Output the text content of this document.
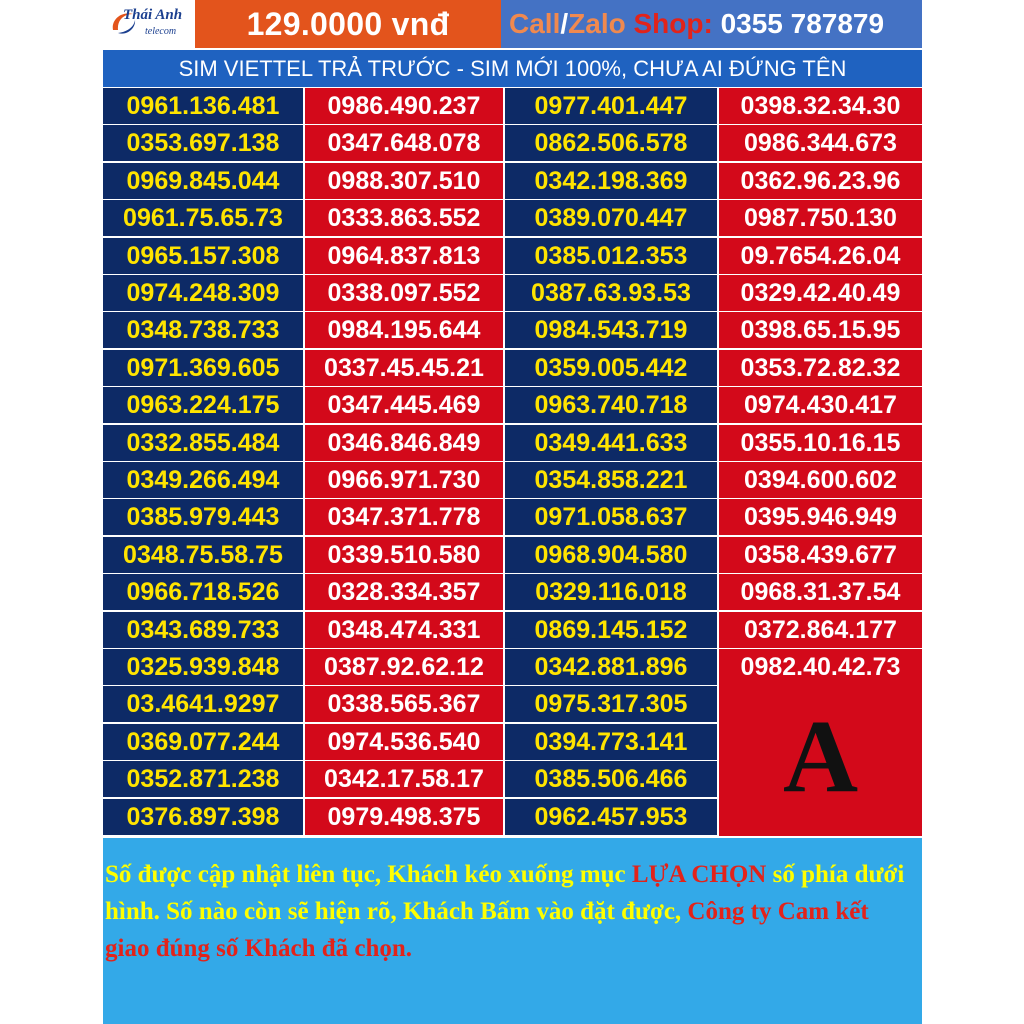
Thái Anh
telecom	129.0000 vnđ	Call/Zalo Shop: 0355 787879
SIM VIETTEL TRẢ TRƯỚC - SIM MỚI 100%, CHƯA AI ĐỨNG TÊN
A
0961.136.481
0353.697.138
0969.845.044
0961.75.65.73
0965.157.308
0974.248.309
0348.738.733
0971.369.605
0963.224.175
0332.855.484
0349.266.494
0385.979.443
0348.75.58.75
0966.718.526
0343.689.733
0325.939.848
03.4641.9297
0369.077.244
0352.871.238
0376.897.398
0986.490.237
0347.648.078
0988.307.510
0333.863.552
0964.837.813
0338.097.552
0984.195.644
0337.45.45.21
0347.445.469
0346.846.849
0966.971.730
0347.371.778
0339.510.580
0328.334.357
0348.474.331
0387.92.62.12
0338.565.367
0974.536.540
0342.17.58.17
0979.498.375
0977.401.447
0862.506.578
0342.198.369
0389.070.447
0385.012.353
0387.63.93.53
0984.543.719
0359.005.442
0963.740.718
0349.441.633
0354.858.221
0971.058.637
0968.904.580
0329.116.018
0869.145.152
0342.881.896
0975.317.305
0394.773.141
0385.506.466
0962.457.953
0398.32.34.30
0986.344.673
0362.96.23.96
0987.750.130
09.7654.26.04
0329.42.40.49
0398.65.15.95
0353.72.82.32
0974.430.417
0355.10.16.15
0394.600.602
0395.946.949
0358.439.677
0968.31.37.54
0372.864.177
0982.40.42.73
Số được cập nhật liên tục, Khách kéo xuống mục LỰA CHỌN số phía dưới hình. Số nào còn sẽ hiện rõ, Khách Bấm vào đặt được, Công ty Cam kết giao đúng số Khách đã chọn.
